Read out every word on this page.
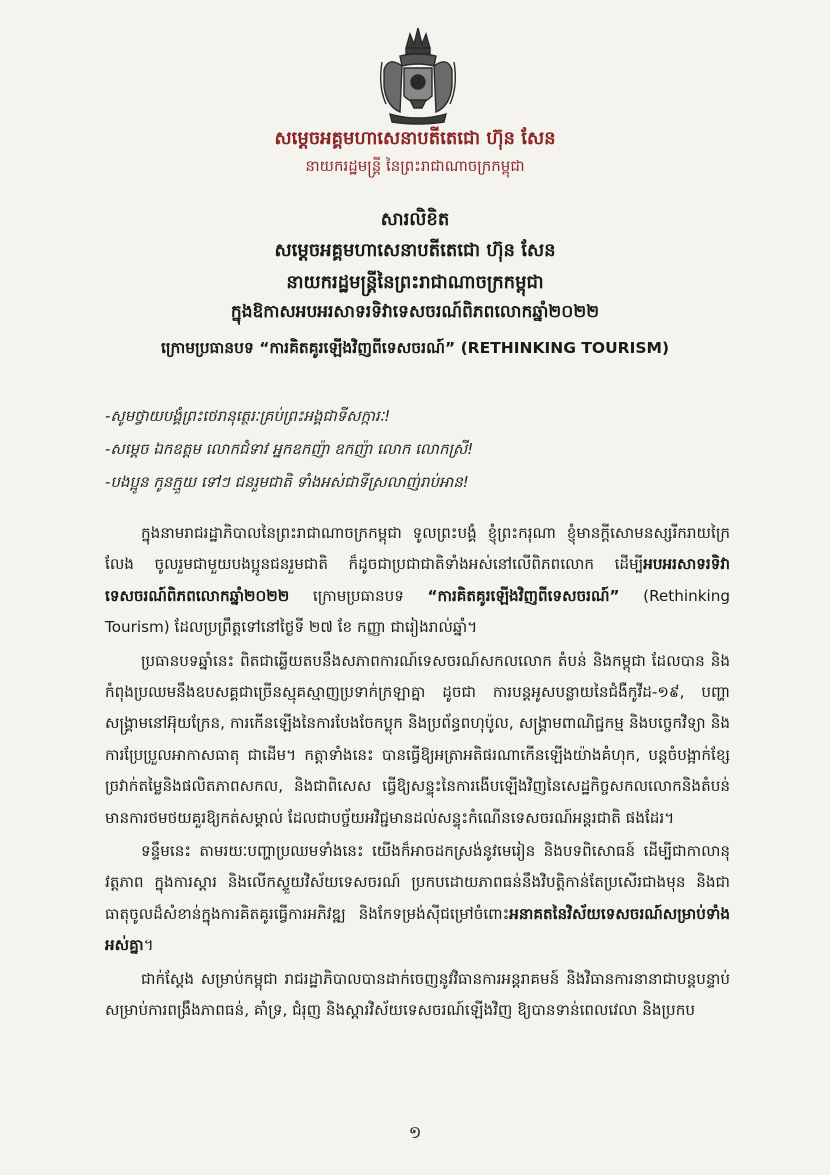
សម្តេចអគ្គមហាសេនាបតីតេជោ ហ៊ុន សែន
នាយករដ្ឋមន្ត្រី នៃព្រះរាជាណាចក្រកម្ពុជា
សារលិខិត
សម្តេចអគ្គមហាសេនាបតីតេជោ ហ៊ុន សែន
នាយករដ្ឋមន្ត្រីនៃព្រះរាជាណាចក្រកម្ពុជា
ក្នុងឱកាសអបអរសាទរទិវាទេសចរណ៍ពិភពលោកឆ្នាំ២០២២
ក្រោមប្រធានបទ “ការគិតគូរឡើងវិញពីទេសចរណ៍” (RETHINKING TOURISM)
-សូមថ្វាយបង្គំព្រះថេរានុត្ថេរៈគ្រប់ព្រះអង្គជាទីសក្ការៈ!
-សម្តេច ឯកឧត្តម លោកជំទាវ អ្នកឧកញ៉ា ឧកញ៉ា លោក លោកស្រី!
-បងប្អូន កូនក្មួយ ទៅៗ ជនរួមជាតិ ទាំងអស់ជាទីស្រលាញ់រាប់អាន!

ក្នុងនាមរាជរដ្ឋាភិបាលនៃព្រះរាជាណាចក្រកម្ពុជា ទូលព្រះបង្គំ ខ្ញុំព្រះករុណា ខ្ញុំមានក្តីសោមនស្សរីករាយក្រៃលែង ចូលរួមជាមួយបងប្អូនជនរួមជាតិ ក៏ដូចជាប្រជាជាតិទាំងអស់នៅលើពិភពលោក ដើម្បីអបអរសាទរទិវាទេសចរណ៍ពិភពលោកឆ្នាំ២០២២ ក្រោមប្រធានបទ “ការគិតគូរឡើងវិញពីទេសចរណ៍” (Rethinking Tourism) ដែលប្រព្រឹត្តទៅនៅថ្ងៃទី ២៧ ខែ កញ្ញា ជារៀងរាល់ឆ្នាំ។

ប្រធានបទឆ្នាំនេះ ពិតជាឆ្លើយតបនឹងសភាពការណ៍ទេសចរណ៍សកលលោក តំបន់ និងកម្ពុជា ដែលបាន និងកំពុងប្រឈមនឹងឧបសគ្គជាច្រើនស្មុគស្មាញប្រទាក់ក្រឡាគ្នា ដូចជា ការបន្តអូសបន្លាយនៃជំងឺកូវីដ-១៩, បញ្ហាសង្គ្រាមនៅអ៊ុយក្រែន, ការកើនឡើងនៃការបែងចែកប្លុក និងប្រព័ន្ធពហុប៉ូល, សង្គ្រាមពាណិជ្ជកម្ម និងបច្ចេកវិទ្យា និងការប្រែប្រួលអាកាសធាតុ ជាដើម។ កត្តាទាំងនេះ បានធ្វើឱ្យអត្រាអតិផរណាកើនឡើងយ៉ាងគំហុក, បន្តចំបង្អាក់ខ្សែច្រវាក់តម្លៃនិងផលិតភាពសកល, និងជាពិសេស ធ្វើឱ្យសន្ទុះនៃការងើបឡើងវិញនៃសេដ្ឋកិច្ចសកលលោកនិងតំបន់មានការថមថយគួរឱ្យកត់សម្គាល់ ដែលជាបច្ច័យអវិជ្ជមានដល់សន្ទុះកំណើនទេសចរណ៍អន្តរជាតិ ផងដែរ។

ទន្ទឹមនេះ តាមរយៈបញ្ហាប្រឈមទាំងនេះ យើងក៏អាចដកស្រង់នូវមេរៀន និងបទពិសោធន៍ ដើម្បីជាកាលានុវត្តភាព ក្នុងការស្តារ និងលើកស្ទួយវិស័យទេសចរណ៍ ប្រកបដោយភាពធន់នឹងវិបត្តិកាន់តែប្រសើរជាងមុន និងជាធាតុចូលដ៏សំខាន់ក្នុងការគិតគូរធ្វើការអភិវឌ្ឍ និងកែទម្រង់ស៊ីជម្រៅចំពោះអនាគតនៃវិស័យទេសចរណ៍សម្រាប់ទាំងអស់គ្នា។

ជាក់ស្តែង សម្រាប់កម្ពុជា រាជរដ្ឋាភិបាលបានដាក់ចេញនូវវិធានការអន្តរាគមន៍ និងវិធានការនានាជាបន្តបន្ទាប់ សម្រាប់ការពង្រឹងភាពធន់, គាំទ្រ, ជំរុញ និងស្តារវិស័យទេសចរណ៍ឡើងវិញ ឱ្យបានទាន់ពេលវេលា និងប្រកប

១
